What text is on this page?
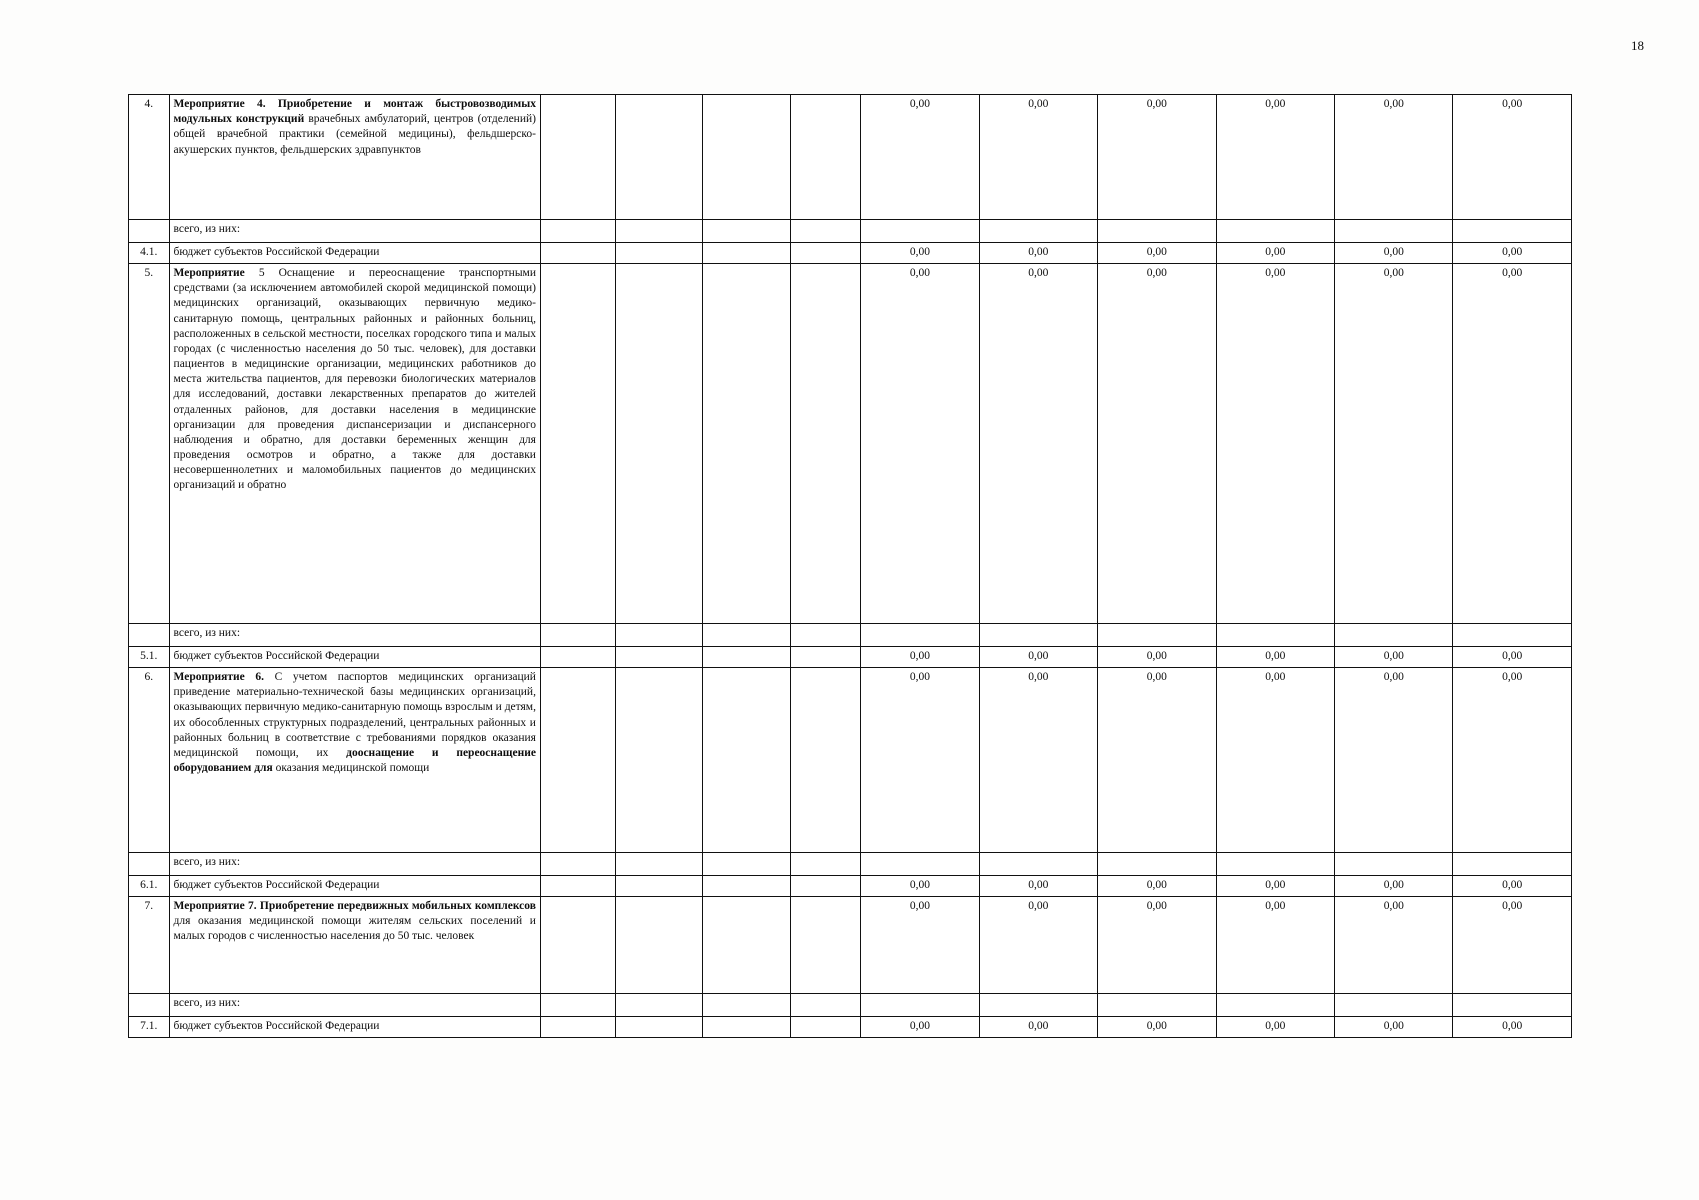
18
4.	Мероприятие 4. Приобретение и монтаж быстровозводимых модульных конструкций врачебных амбулаторий, центров (отделений) общей врачебной практики (семейной медицины), фельдшерско-акушерских пунктов, фельдшерских здравпунктов					0,00	0,00	0,00	0,00	0,00	0,00
	всего, из них:										
4.1.	бюджет субъектов Российской Федерации					0,00	0,00	0,00	0,00	0,00	0,00
5.	Мероприятие 5 Оснащение и переоснащение транспортными средствами (за исключением автомобилей скорой медицинской помощи) медицинских организаций, оказывающих первичную медико-санитарную помощь, центральных районных и районных больниц, расположенных в сельской местности, поселках городского типа и малых городах (с численностью населения до 50 тыс. человек), для доставки пациентов в медицинские организации, медицинских работников до места жительства пациентов, для перевозки биологических материалов для исследований, доставки лекарственных препаратов до жителей отдаленных районов, для доставки населения в медицинские организации для проведения диспансеризации и диспансерного наблюдения и обратно, для доставки беременных женщин для проведения осмотров и обратно, а также для доставки несовершеннолетних и маломобильных пациентов до медицинских организаций и обратно					0,00	0,00	0,00	0,00	0,00	0,00
	всего, из них:										
5.1.	бюджет субъектов Российской Федерации					0,00	0,00	0,00	0,00	0,00	0,00
6.	Мероприятие 6. С учетом паспортов медицинских организаций приведение материально-технической базы медицинских организаций, оказывающих первичную медико-санитарную помощь взрослым и детям, их обособленных структурных подразделений, центральных районных и районных больниц в соответствие с требованиями порядков оказания медицинской помощи, их дооснащение и переоснащение оборудованием для оказания медицинской помощи					0,00	0,00	0,00	0,00	0,00	0,00
	всего, из них:										
6.1.	бюджет субъектов Российской Федерации					0,00	0,00	0,00	0,00	0,00	0,00
7.	Мероприятие 7. Приобретение передвижных мобильных комплексов для оказания медицинской помощи жителям сельских поселений и малых городов с численностью населения до 50 тыс. человек					0,00	0,00	0,00	0,00	0,00	0,00
	всего, из них:										
7.1.	бюджет субъектов Российской Федерации					0,00	0,00	0,00	0,00	0,00	0,00
